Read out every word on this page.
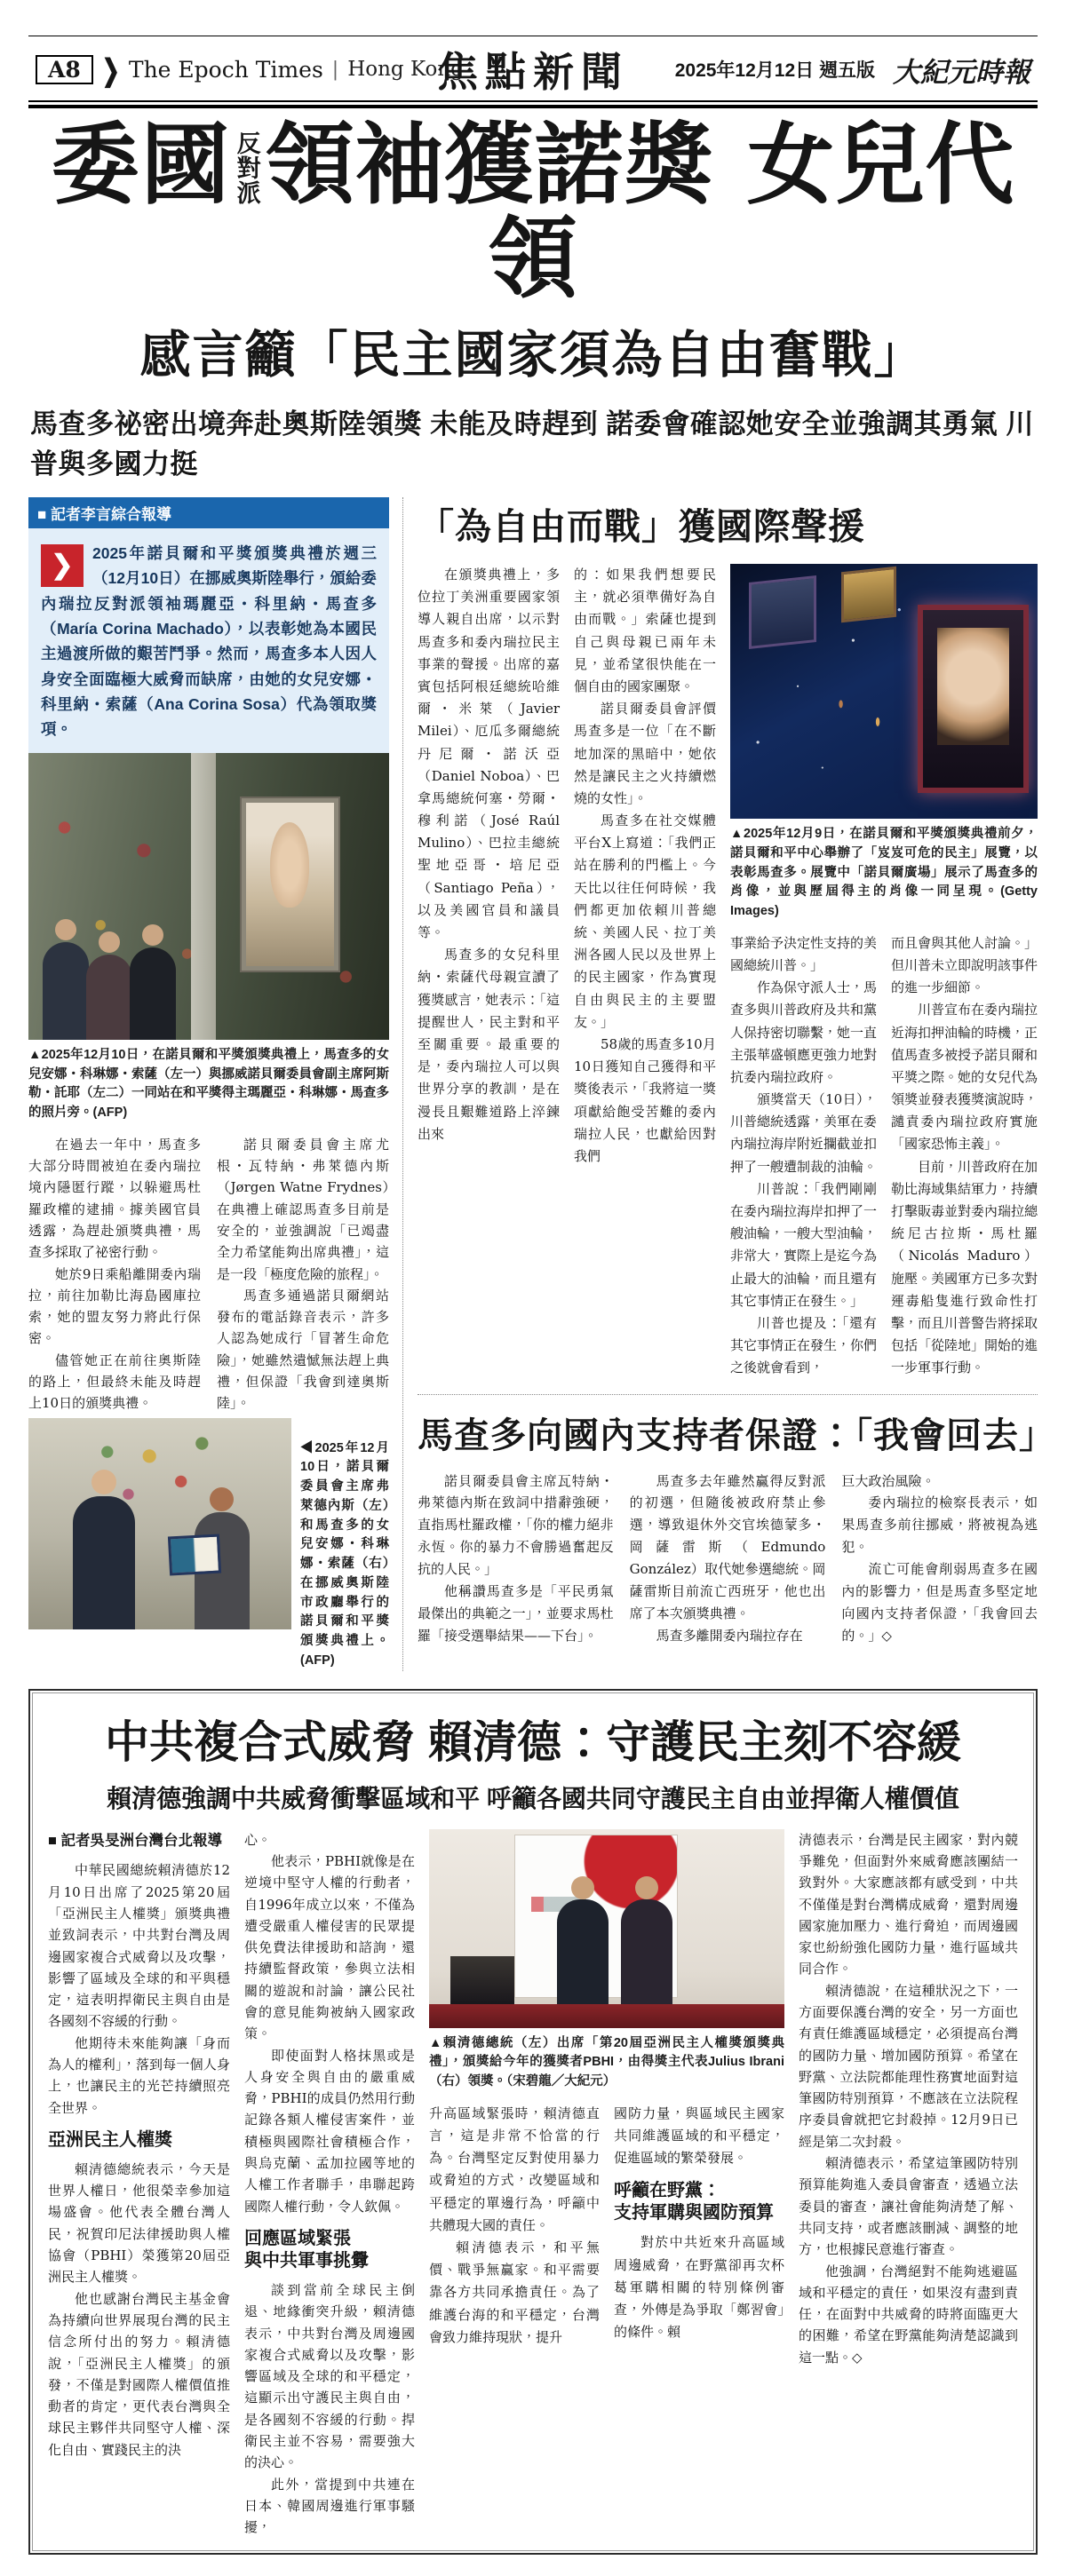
A8	❯ The Epoch Times | Hong Kong
焦點新聞 2025年12月12日 週五版 大紀元時報
委國反對派領袖獲諾獎 女兒代領
感言籲「民主國家須為自由奮戰」
馬查多祕密出境奔赴奧斯陸領獎 未能及時趕到 諾委會確認她安全並強調其勇氣 川普與多國力挺
■ 記者李言綜合報導
❯	2025年諾貝爾和平獎頒獎典禮於週三（12月10日）在挪威奧斯陸舉行，頒給委內瑞拉反對派領袖瑪麗亞・科里納・馬查多（María Corina Machado），以表彰她為本國民主過渡所做的艱苦鬥爭。然而，馬查多本人因人身安全面臨極大威脅而缺席，由她的女兒安娜・科里納・索薩（Ana Corina Sosa）代為領取獎項。
▲2025年12月10日，在諾貝爾和平獎頒獎典禮上，馬查多的女兒安娜・科琳娜・索薩（左一）與挪威諾貝爾委員會副主席阿斯勒・託耶（左二）一同站在和平獎得主瑪麗亞・科琳娜・馬查多的照片旁。(AFP)

在過去一年中，馬查多大部分時間被迫在委內瑞拉境內隱匿行蹤，以躲避馬杜羅政權的逮捕。據美國官員透露，為趕赴頒獎典禮，馬查多採取了祕密行動。

她於9日乘船離開委內瑞拉，前往加勒比海島國庫拉索，她的盟友努力將此行保密。

儘管她正在前往奧斯陸的路上，但最終未能及時趕上10日的頒獎典禮。

諾貝爾委員會主席尤根・瓦特納・弗萊德內斯（Jørgen Watne Frydnes）在典禮上確認馬查多目前是安全的，並強調說「已竭盡全力希望能夠出席典禮」，這是一段「極度危險的旅程」。

馬查多通過諾貝爾網站發布的電話錄音表示，許多人認為她成行「冒著生命危險」，她雖然遺憾無法趕上典禮，但保證「我會到達奧斯陸」。

◀2025年12月10日，諾貝爾委員會主席弗萊德內斯（左）和馬查多的女兒安娜・科琳娜・索薩（右）在挪威奧斯陸市政廳舉行的諾貝爾和平獎頒獎典禮上。(AFP)
「為自由而戰」獲國際聲援

在頒獎典禮上，多位拉丁美洲重要國家領導人親自出席，以示對馬查多和委內瑞拉民主事業的聲援。出席的嘉賓包括阿根廷總統哈維爾・米萊（Javier Milei）、厄瓜多爾總統丹尼爾・諾沃亞（Daniel Noboa）、巴拿馬總統何塞・勞爾・穆利諾（José Raúl Mulino）、巴拉圭總統聖地亞哥・培尼亞（Santiago Peña），以及美國官員和議員等。

馬查多的女兒科里納・索薩代母親宣讀了獲獎感言，她表示：「這提醒世人，民主對和平至關重要。最重要的是，委內瑞拉人可以與世界分享的教訓，是在漫長且艱難道路上淬鍊出來

的：如果我們想要民主，就必須準備好為自由而戰。」索薩也提到自己與母親已兩年未見，並希望很快能在一個自由的國家團聚。

諾貝爾委員會評價馬查多是一位「在不斷地加深的黑暗中，她依然是讓民主之火持續燃燒的女性」。

馬查多在社交媒體平台X上寫道：「我們正站在勝利的門檻上。今天比以往任何時候，我們都更加依賴川普總統、美國人民、拉丁美洲各國人民以及世界上的民主國家，作為實現自由與民主的主要盟友。」

58歲的馬查多10月10日獲知自己獲得和平獎後表示，「我將這一獎項獻給飽受苦難的委內瑞拉人民，也獻給因對我們

▲2025年12月9日，在諾貝爾和平獎頒獎典禮前夕，諾貝爾和平中心舉辦了「岌岌可危的民主」展覽，以表彰馬查多。展覽中「諾貝爾廣場」展示了馬查多的肖像，並與歷屆得主的肖像一同呈現。(Getty Images)

事業給予決定性支持的美國總統川普。」

作為保守派人士，馬查多與川普政府及共和黨人保持密切聯繫，她一直主張華盛頓應更強力地對抗委內瑞拉政府。

頒獎當天（10日），川普總統透露，美軍在委內瑞拉海岸附近攔截並扣押了一艘遭制裁的油輪。

川普說：「我們剛剛在委內瑞拉海岸扣押了一艘油輪，一艘大型油輪，非常大，實際上是迄今為止最大的油輪，而且還有其它事情正在發生。」

川普也提及：「還有其它事情正在發生，你們之後就會看到，

而且會與其他人討論。」但川普未立即說明該事件的進一步細節。

川普宣布在委內瑞拉近海扣押油輪的時機，正值馬查多被授予諾貝爾和平獎之際。她的女兒代為領獎並發表獲獎演說時，譴責委內瑞拉政府實施「國家恐怖主義」。

目前，川普政府在加勒比海域集結軍力，持續打擊販毒並對委內瑞拉總統尼古拉斯・馬杜羅（Nicolás Maduro）施壓。美國軍方已多次對運毒船隻進行致命性打擊，而且川普警告將採取包括「從陸地」開始的進一步軍事行動。

馬查多向國內支持者保證：「我會回去」

諾貝爾委員會主席瓦特納・弗萊德內斯在致詞中措辭強硬，直指馬杜羅政權，「你的權力絕非永恆。你的暴力不會勝過奮起反抗的人民。」

他稱讚馬查多是「平民勇氣最傑出的典範之一」，並要求馬杜羅「接受選舉結果——下台」。

馬查多去年雖然贏得反對派的初選，但隨後被政府禁止參選，導致退休外交官埃德蒙多・岡薩雷斯（Edmundo González）取代她參選總統。岡薩雷斯目前流亡西班牙，他也出席了本次頒獎典禮。

馬查多離開委內瑞拉存在

巨大政治風險。

委內瑞拉的檢察長表示，如果馬查多前往挪威，將被視為逃犯。

流亡可能會削弱馬查多在國內的影響力，但是馬查多堅定地向國內支持者保證，「我會回去的。」◇

中共複合式威脅 賴清德：守護民主刻不容緩
賴清德強調中共威脅衝擊區域和平 呼籲各國共同守護民主自由並捍衛人權價值
■ 記者吳旻洲台灣台北報導

中華民國總統賴清德於12月10日出席了2025第20屆「亞洲民主人權獎」頒獎典禮並致詞表示，中共對台灣及周邊國家複合式威脅以及攻擊，影響了區域及全球的和平與穩定，這表明捍衛民主與自由是各國刻不容緩的行動。

他期待未來能夠讓「身而為人的權利」，落到每一個人身上，也讓民主的光芒持續照亮全世界。

亞洲民主人權獎

賴清德總統表示，今天是世界人權日，他很榮幸參加這場盛會。他代表全體台灣人民，祝賀印尼法律援助與人權協會（PBHI）榮獲第20屆亞洲民主人權獎。

他也感謝台灣民主基金會為持續向世界展現台灣的民主信念所付出的努力。賴清德說，「亞洲民主人權獎」的頒發，不僅是對國際人權價值推動者的肯定，更代表台灣與全球民主夥伴共同堅守人權、深化自由、實踐民主的決

心。

他表示，PBHI就像是在逆境中堅守人權的行動者，自1996年成立以來，不僅為遭受嚴重人權侵害的民眾提供免費法律援助和諮詢，還持續監督政策，參與立法相關的遊說和討論，讓公民社會的意見能夠被納入國家政策。

即使面對人格抹黑或是人身安全與自由的嚴重威脅，PBHI的成員仍然用行動記錄各類人權侵害案件，並積極與國際社會積極合作，與烏克蘭、孟加拉國等地的人權工作者聯手，串聯起跨國際人權行動，令人欽佩。

回應區域緊張
與中共軍事挑釁

談到當前全球民主倒退、地緣衝突升級，賴清德表示，中共對台灣及周邊國家複合式威脅以及攻擊，影響區域及全球的和平穩定，這顯示出守護民主與自由，是各國刻不容緩的行動。捍衛民主並不容易，需要強大的決心。

此外，當提到中共連在日本、韓國周邊進行軍事騷擾，

▲賴清德總統（左）出席「第20屆亞洲民主人權獎頒獎典禮」，頒獎給今年的獲獎者PBHI，由得獎主代表Julius Ibrani（右）領獎。（宋碧龍／大紀元）

升高區域緊張時，賴清德直言，這是非常不恰當的行為。台灣堅定反對使用暴力或脅迫的方式，改變區域和平穩定的單邊行為，呼籲中共體現大國的責任。

賴清德表示，和平無價、戰爭無贏家。和平需要靠各方共同承擔責任。為了維護台海的和平穩定，台灣會致力維持現狀，提升

國防力量，與區域民主國家共同維護區域的和平穩定，促進區域的繁榮發展。

呼籲在野黨：
支持軍購與國防預算

對於中共近來升高區域周邊威脅，在野黨卻再次杯葛軍購相關的特別條例審查，外傳是為爭取「鄭習會」的條件。賴

清德表示，台灣是民主國家，對內競爭難免，但面對外來威脅應該團結一致對外。大家應該都有感受到，中共不僅僅是對台灣構成威脅，還對周邊國家施加壓力、進行脅迫，而周邊國家也紛紛強化國防力量，進行區域共同合作。

賴清德說，在這種狀況之下，一方面要保護台灣的安全，另一方面也有責任維護區域穩定，必須提高台灣的國防力量、增加國防預算。希望在野黨、立法院都能理性務實地面對這筆國防特別預算，不應該在立法院程序委員會就把它封殺掉。12月9日已經是第二次封殺。

賴清德表示，希望這筆國防特別預算能夠進入委員會審查，透過立法委員的審查，讓社會能夠清楚了解、共同支持，或者應該刪減、調整的地方，也根據民意進行審查。

他強調，台灣絕對不能夠逃避區域和平穩定的責任，如果沒有盡到責任，在面對中共威脅的時將面臨更大的困難，希望在野黨能夠清楚認識到這一點。◇
